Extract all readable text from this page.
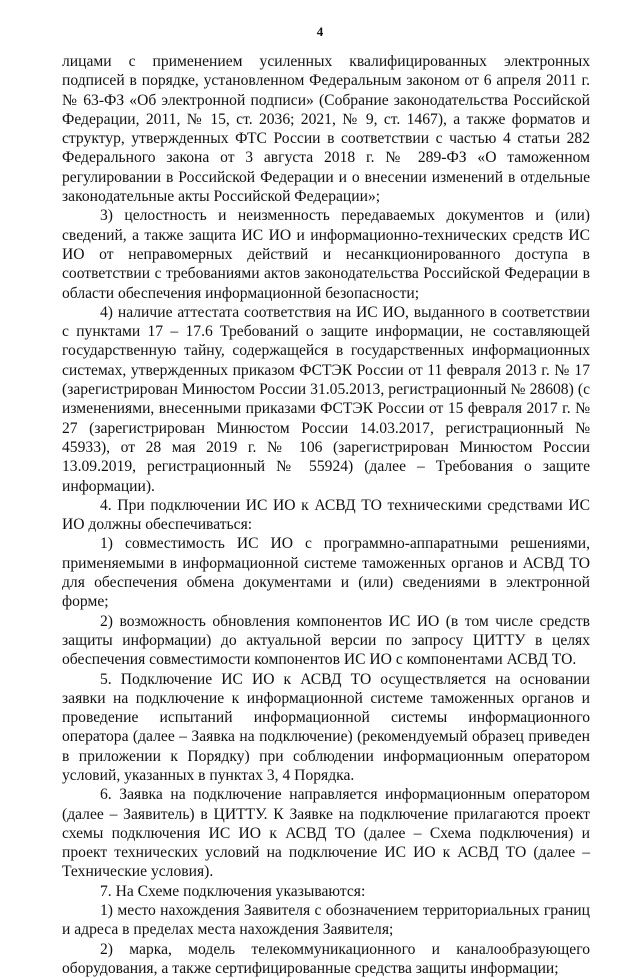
4

лицами с применением усиленных квалифицированных электронных подписей в порядке, установленном Федеральным законом от 6 апреля 2011 г. № 63-ФЗ «Об электронной подписи» (Собрание законодательства Российской Федерации, 2011, № 15, ст. 2036; 2021, № 9, ст. 1467), а также форматов и структур, утвержденных ФТС России в соответствии с частью 4 статьи 282 Федерального закона от 3 августа 2018 г. № 289-ФЗ «О таможенном регулировании в Российской Федерации и о внесении изменений в отдельные законодательные акты Российской Федерации»;

3) целостность и неизменность передаваемых документов и (или) сведений, а также защита ИС ИО и информационно-технических средств ИС ИО от неправомерных действий и несанкционированного доступа в соответствии с требованиями актов законодательства Российской Федерации в области обеспечения информационной безопасности;

4) наличие аттестата соответствия на ИС ИО, выданного в соответствии с пунктами 17 – 17.6 Требований о защите информации, не составляющей государственную тайну, содержащейся в государственных информационных системах, утвержденных приказом ФСТЭК России от 11 февраля 2013 г. № 17 (зарегистрирован Минюстом России 31.05.2013, регистрационный № 28608) (с изменениями, внесенными приказами ФСТЭК России от 15 февраля 2017 г. № 27 (зарегистрирован Минюстом России 14.03.2017, регистрационный № 45933), от 28 мая 2019 г. № 106 (зарегистрирован Минюстом России 13.09.2019, регистрационный № 55924) (далее – Требования о защите информации).

4. При подключении ИС ИО к АСВД ТО техническими средствами ИС ИО должны обеспечиваться:

1) совместимость ИС ИО с программно-аппаратными решениями, применяемыми в информационной системе таможенных органов и АСВД ТО для обеспечения обмена документами и (или) сведениями в электронной форме;

2) возможность обновления компонентов ИС ИО (в том числе средств защиты информации) до актуальной версии по запросу ЦИТТУ в целях обеспечения совместимости компонентов ИС ИО с компонентами АСВД ТО.

5. Подключение ИС ИО к АСВД ТО осуществляется на основании заявки на подключение к информационной системе таможенных органов и проведение испытаний информационной системы информационного оператора (далее – Заявка на подключение) (рекомендуемый образец приведен в приложении к Порядку) при соблюдении информационным оператором условий, указанных в пунктах 3, 4 Порядка.

6. Заявка на подключение направляется информационным оператором (далее – Заявитель) в ЦИТТУ. К Заявке на подключение прилагаются проект схемы подключения ИС ИО к АСВД ТО (далее – Схема подключения) и проект технических условий на подключение ИС ИО к АСВД ТО (далее – Технические условия).

7. На Схеме подключения указываются:

1) место нахождения Заявителя с обозначением территориальных границ и адреса в пределах места нахождения Заявителя;

2) марка, модель телекоммуникационного и каналообразующего оборудования, а также сертифицированные средства защиты информации;
